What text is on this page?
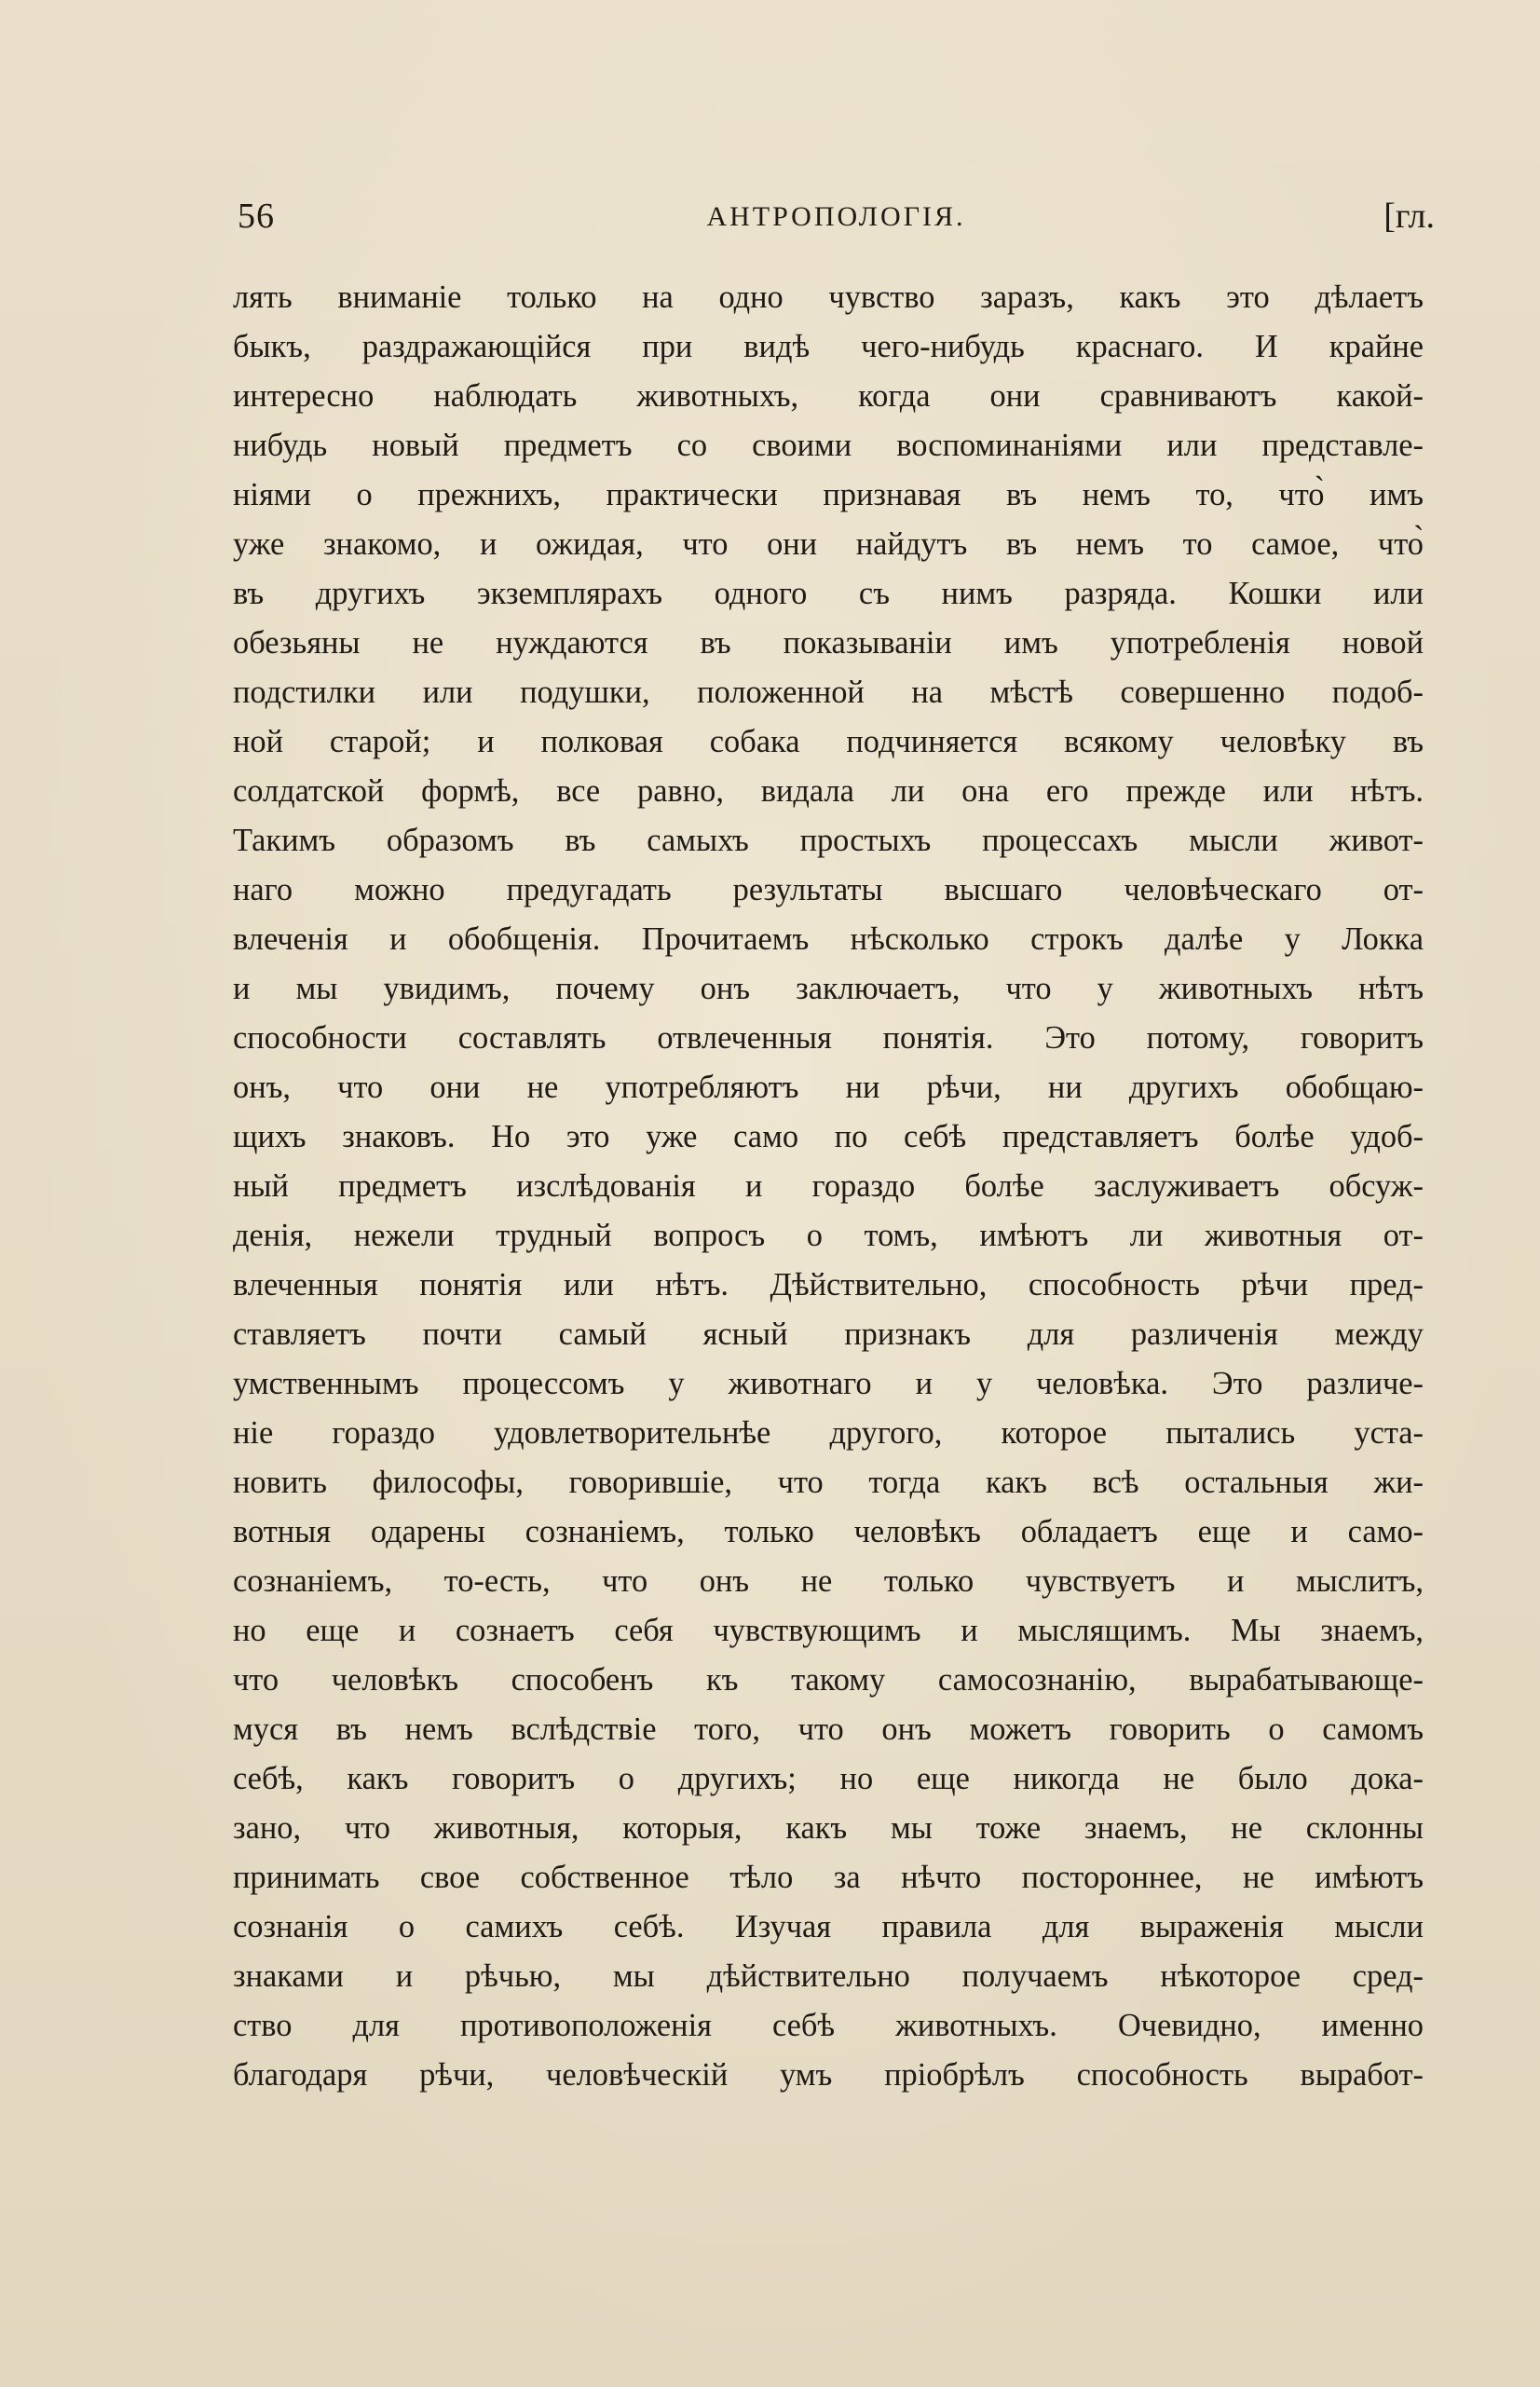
56	АНТРОПОЛОГІЯ.	[гл.
лять вниманіе только на одно чувство заразъ, какъ это дѣлаетъ
быкъ, раздражающійся при видѣ чего-нибудь краснаго. И крайне
интересно наблюдать животныхъ, когда они сравниваютъ какой-
нибудь новый предметъ со своими воспоминаніями или представле-
ніями о прежнихъ, практически признавая въ немъ то, что̀ имъ
уже знакомо, и ожидая, что они найдутъ въ немъ то самое, что̀
въ другихъ экземплярахъ одного съ нимъ разряда. Кошки или
обезьяны не нуждаются въ показываніи имъ употребленія новой
подстилки или подушки, положенной на мѣстѣ совершенно подоб-
ной старой; и полковая собака подчиняется всякому человѣку въ
солдатской формѣ, все равно, видала ли она его прежде или нѣтъ.
Такимъ образомъ въ самыхъ простыхъ процессахъ мысли живот-
наго можно предугадать результаты высшаго человѣческаго от-
влеченія и обобщенія. Прочитаемъ нѣсколько строкъ далѣе у Локка
и мы увидимъ, почему онъ заключаетъ, что у животныхъ нѣтъ
способности составлять отвлеченныя понятія. Это потому, говоритъ
онъ, что они не употребляютъ ни рѣчи, ни другихъ обобщаю-
щихъ знаковъ. Но это уже само по себѣ представляетъ болѣе удоб-
ный предметъ изслѣдованія и гораздо болѣе заслуживаетъ обсуж-
денія, нежели трудный вопросъ о томъ, имѣютъ ли животныя от-
влеченныя понятія или нѣтъ. Дѣйствительно, способность рѣчи пред-
ставляетъ почти самый ясный признакъ для различенія между
умственнымъ процессомъ у животнаго и у человѣка. Это различе-
ніе гораздо удовлетворительнѣе другого, которое пытались уста-
новить философы, говорившіе, что тогда какъ всѣ остальныя жи-
вотныя одарены сознаніемъ, только человѣкъ обладаетъ еще и само-
сознаніемъ, то-есть, что онъ не только чувствуетъ и мыслитъ,
но еще и сознаетъ себя чувствующимъ и мыслящимъ. Мы знаемъ,
что человѣкъ способенъ къ такому самосознанію, вырабатывающе-
муся въ немъ вслѣдствіе того, что онъ можетъ говорить о самомъ
себѣ, какъ говоритъ о другихъ; но еще никогда не было дока-
зано, что животныя, которыя, какъ мы тоже знаемъ, не склонны
принимать свое собственное тѣло за нѣчто постороннее, не имѣютъ
сознанія о самихъ себѣ. Изучая правила для выраженія мысли
знаками и рѣчью, мы дѣйствительно получаемъ нѣкоторое сред-
ство для противоположенія себѣ животныхъ. Очевидно, именно
благодаря рѣчи, человѣческій умъ пріобрѣлъ способность выработ-
